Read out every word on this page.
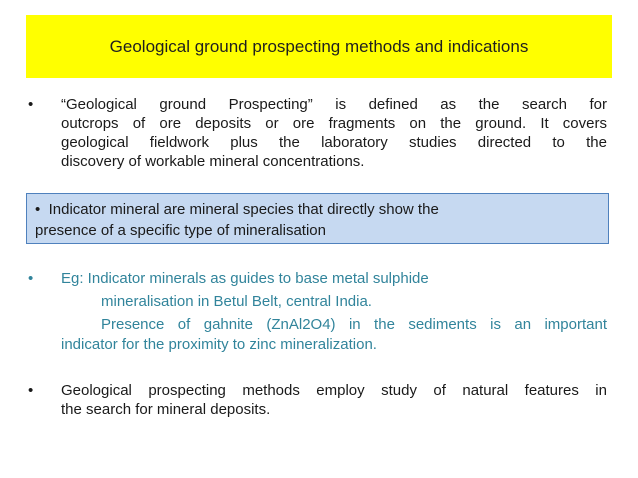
Geological ground prospecting methods and indications
• “Geological ground Prospecting” is defined as the search for
outcrops of ore deposits or ore fragments on the ground. It covers
geological fieldwork plus the laboratory studies directed to the
discovery of workable mineral concentrations.
• Indicator mineral are mineral species that directly show the
presence of a specific type of mineralisation
• Eg: Indicator minerals as guides to base metal sulphide
mineralisation in Betul Belt, central India.
Presence of gahnite (ZnAl2O4) in the sediments is an important
indicator for the proximity to zinc mineralization.
• Geological prospecting methods employ study of natural features in
the search for mineral deposits.
